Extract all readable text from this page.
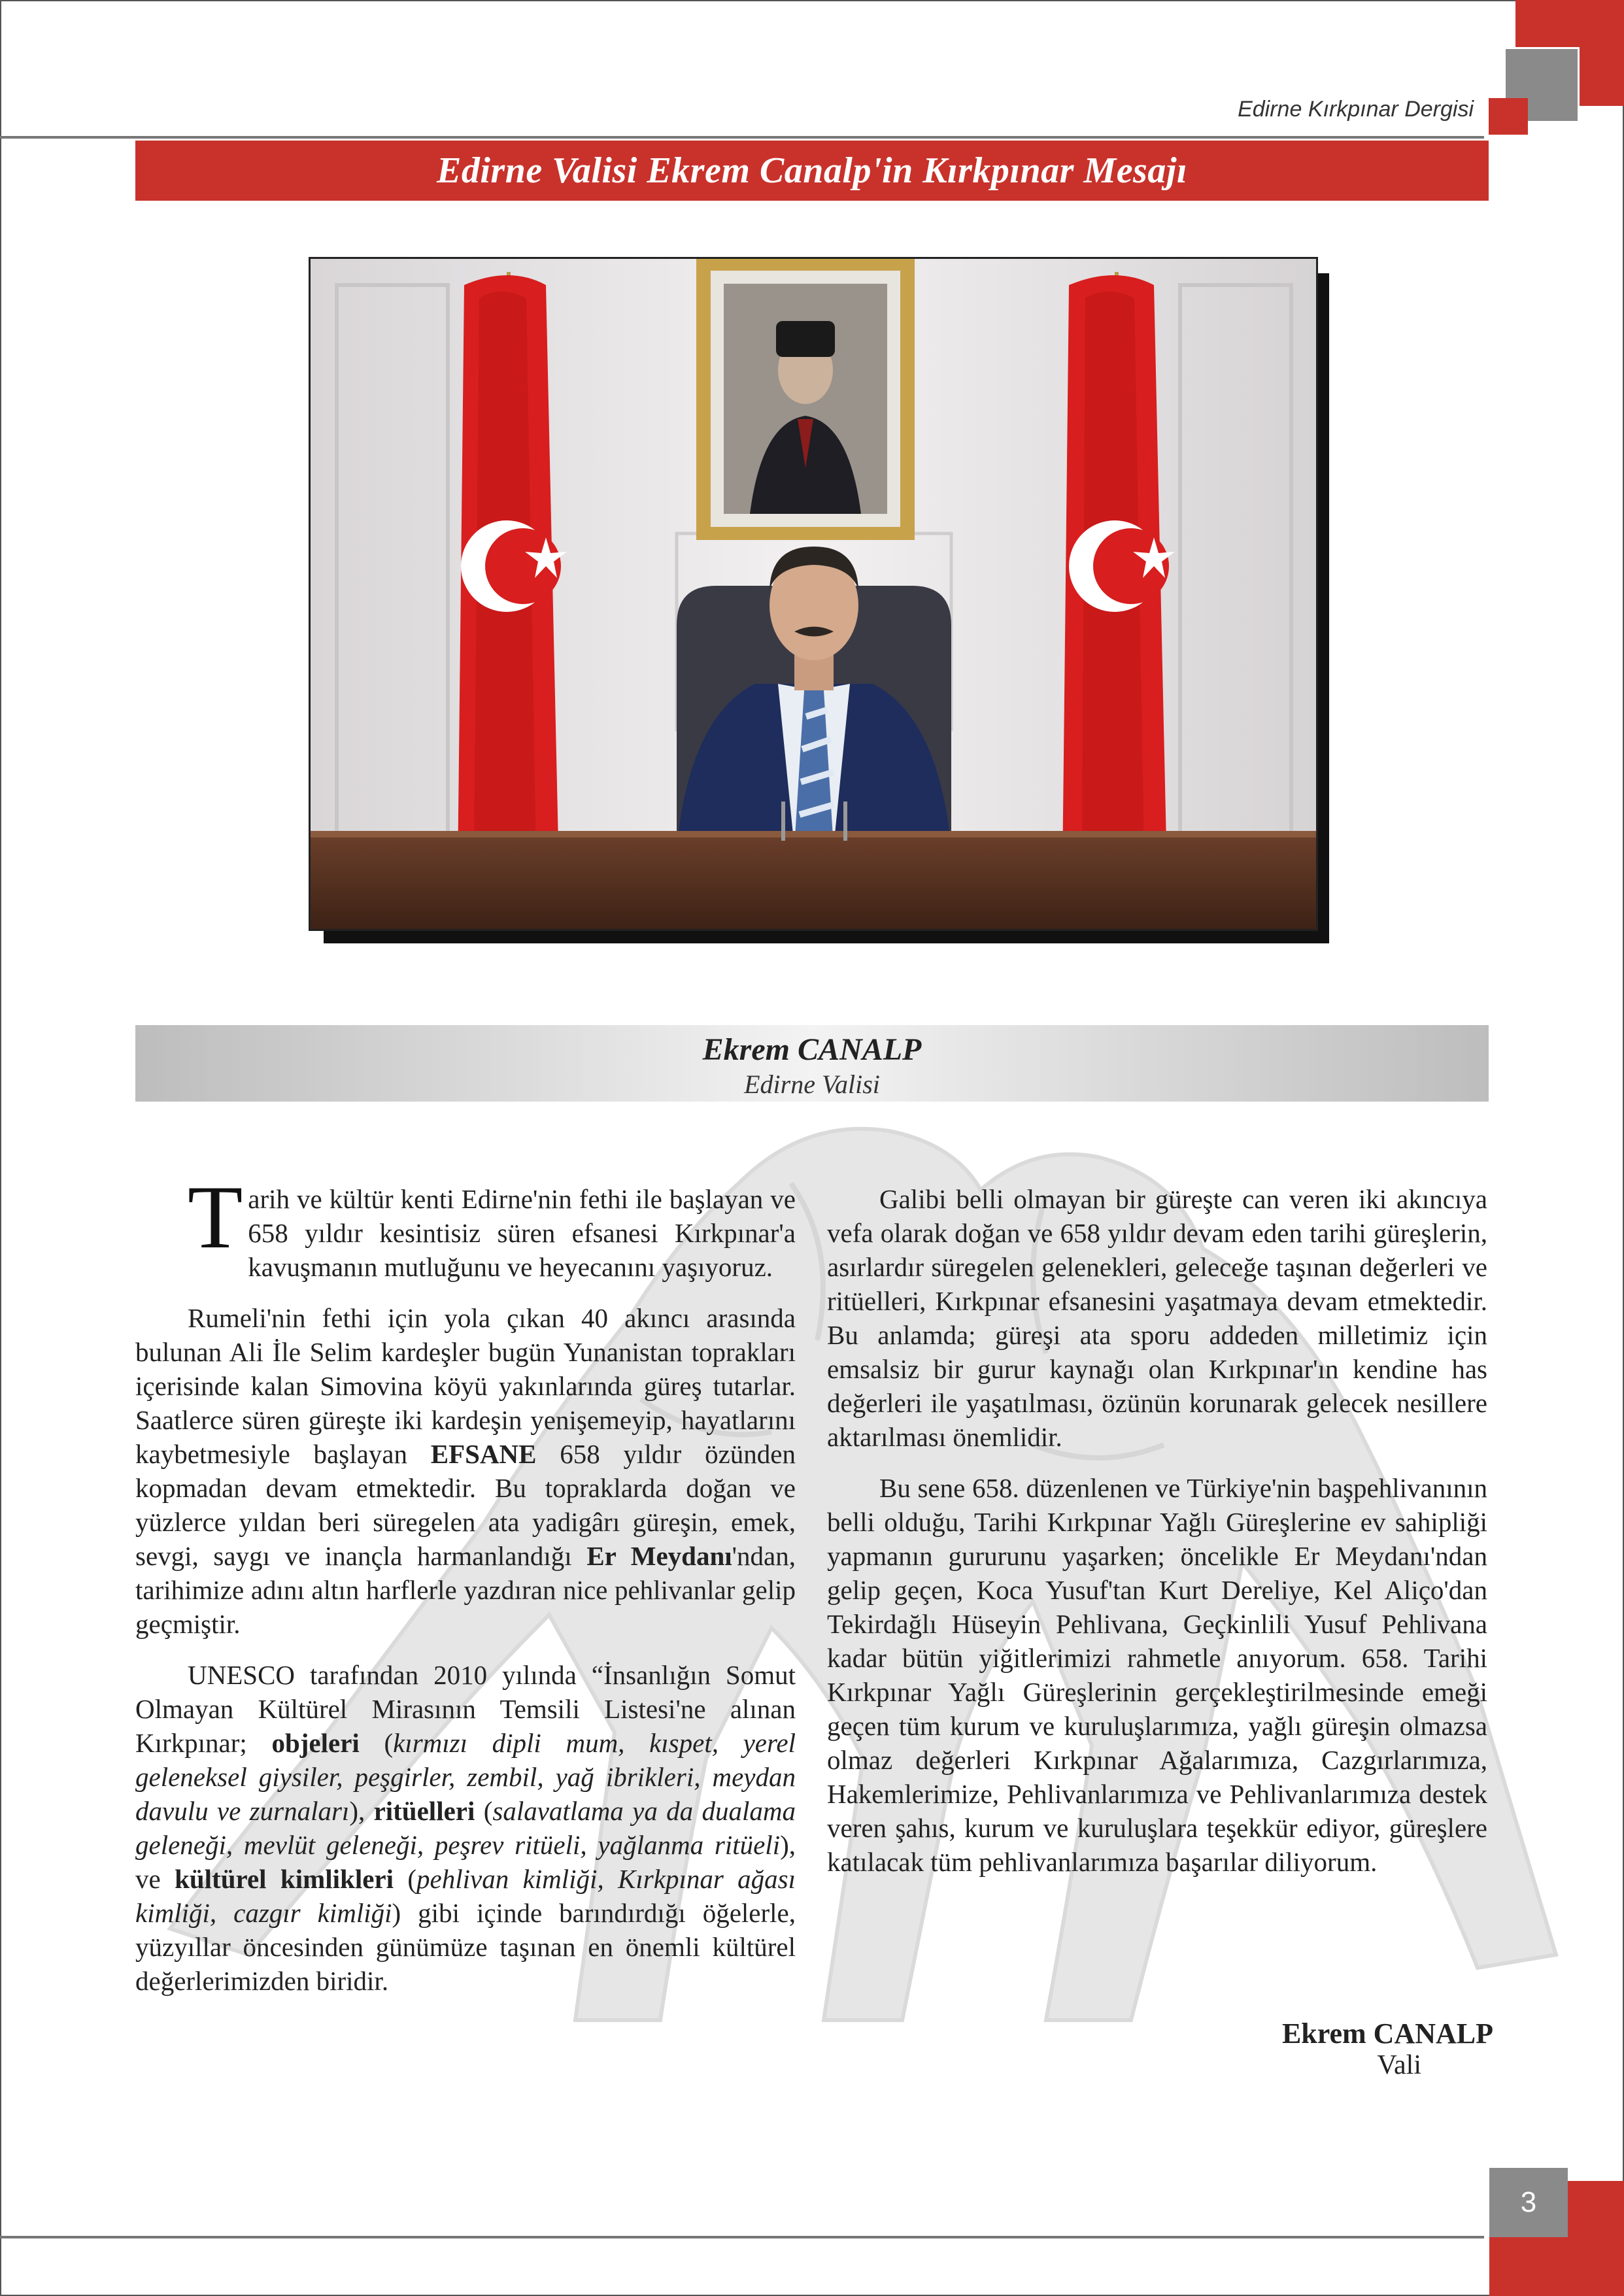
Edirne Kırkpınar Dergisi
Edirne Valisi Ekrem Canalp'in Kırkpınar Mesajı
Ekrem CANALP
Edirne Valisi

Tarih ve kültür kenti Edirne'nin fethi ile başlayan ve 658 yıldır kesintisiz süren efsanesi Kırkpınar'a kavuşmanın mutluğunu ve heyecanını yaşıyoruz.

Rumeli'nin fethi için yola çıkan 40 akıncı arasında bulunan Ali İle Selim kardeşler bugün Yunanistan toprakları içerisinde kalan Simovina köyü yakınlarında güreş tutarlar. Saatlerce süren güreşte iki kardeşin yenişemeyip, hayatlarını kaybetmesiyle başlayan EFSANE 658 yıldır özünden kopmadan devam etmektedir. Bu topraklarda doğan ve yüzlerce yıldan beri süregelen ata yadigârı güreşin, emek, sevgi, saygı ve inançla harmanlandığı Er Meydanı'ndan, tarihimize adını altın harflerle yazdıran nice pehlivanlar gelip geçmiştir.

UNESCO tarafından 2010 yılında “İnsanlığın Somut Olmayan Kültürel Mirasının Temsili Listesi'ne alınan Kırkpınar; objeleri (kırmızı dipli mum, kıspet, yerel geleneksel giysiler, peşgirler, zembil, yağ ibrikleri, meydan davulu ve zurnaları), ritüelleri (salavatlama ya da dualama geleneği, mevlüt geleneği, peşrev ritüeli, yağlanma ritüeli), ve kültürel kimlikleri (pehlivan kimliği, Kırkpınar ağası kimliği, cazgır kimliği) gibi içinde barındırdığı öğelerle, yüzyıllar öncesinden günümüze taşınan en önemli kültürel değerlerimizden biridir.

Galibi belli olmayan bir güreşte can veren iki akıncıya vefa olarak doğan ve 658 yıldır devam eden tarihi güreşlerin, asırlardır süregelen gelenekleri, geleceğe taşınan değerleri ve ritüelleri, Kırkpınar efsanesini yaşatmaya devam etmektedir. Bu anlamda; güreşi ata sporu addeden milletimiz için emsalsiz bir gurur kaynağı olan Kırkpınar'ın kendine has değerleri ile yaşatılması, özünün korunarak gelecek nesillere aktarılması önemlidir.

Bu sene 658. düzenlenen ve Türkiye'nin başpehlivanının belli olduğu, Tarihi Kırkpınar Yağlı Güreşlerine ev sahipliği yapmanın gururunu yaşarken; öncelikle Er Meydanı'ndan gelip geçen, Koca Yusuf'tan Kurt Dereliye, Kel Aliço'dan Tekirdağlı Hüseyin Pehlivana, Geçkinlili Yusuf Pehlivana kadar bütün yiğitlerimizi rahmetle anıyorum. 658. Tarihi Kırkpınar Yağlı Güreşlerinin gerçekleştirilmesinde emeği geçen tüm kurum ve kuruluşlarımıza, yağlı güreşin olmazsa olmaz değerleri Kırkpınar Ağalarımıza, Cazgırlarımıza, Hakemlerimize, Pehlivanlarımıza ve Pehlivanlarımıza destek veren şahıs, kurum ve kuruluşlara teşekkür ediyor, güreşlere katılacak tüm pehlivanlarımıza başarılar diliyorum.

Ekrem CANALP
Vali
3
